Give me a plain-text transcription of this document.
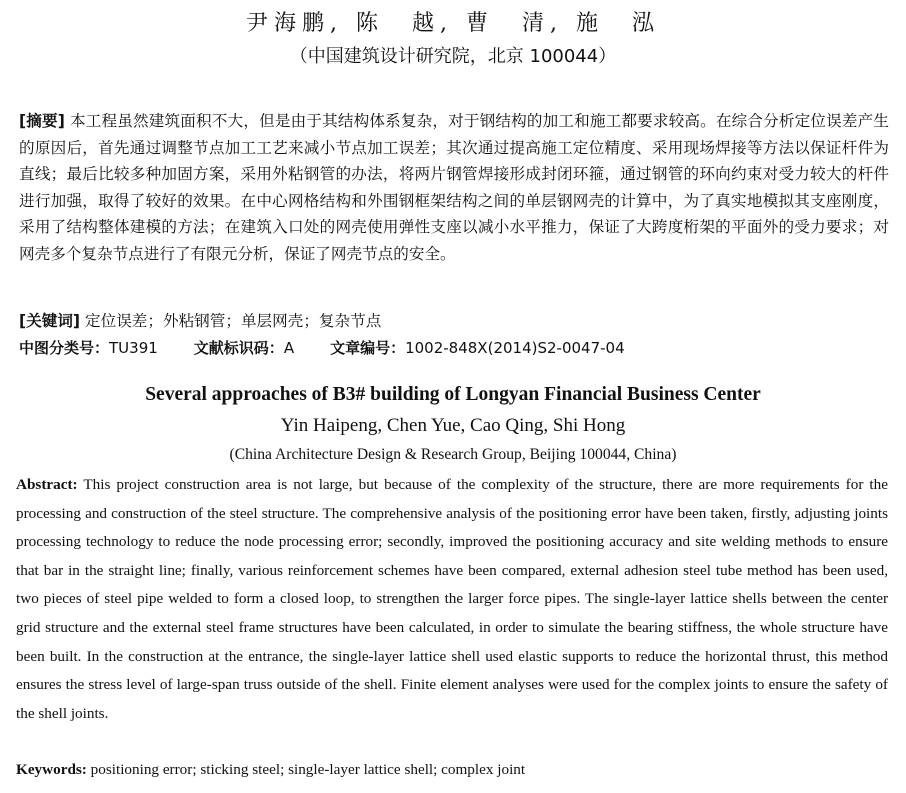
尹海鹏, 陈　越, 曹　清, 施　泓
（中国建筑设计研究院，北京 100044）
[摘要] 本工程虽然建筑面积不大，但是由于其结构体系复杂，对于钢结构的加工和施工都要求较高。在综合分析定位误差产生的原因后，首先通过调整节点加工工艺来减小节点加工误差；其次通过提高施工定位精度、采用现场焊接等方法以保证杆件为直线；最后比较多种加固方案，采用外粘钢管的办法，将两片钢管焊接形成封闭环箍，通过钢管的环向约束对受力较大的杆件进行加强，取得了较好的效果。在中心网格结构和外围钢框架结构之间的单层钢网壳的计算中，为了真实地模拟其支座刚度，采用了结构整体建模的方法；在建筑入口处的网壳使用弹性支座以减小水平推力，保证了大跨度桁架的平面外的受力要求；对网壳多个复杂节点进行了有限元分析，保证了网壳节点的安全。
[关键词] 定位误差；外粘钢管；单层网壳；复杂节点
中图分类号：TU391 文献标识码：A 文章编号：1002-848X(2014)S2-0047-04
Several approaches of B3# building of Longyan Financial Business Center
Yin Haipeng, Chen Yue, Cao Qing, Shi Hong
(China Architecture Design & Research Group, Beijing 100044, China)
Abstract: This project construction area is not large, but because of the complexity of the structure, there are more requirements for the processing and construction of the steel structure. The comprehensive analysis of the positioning error have been taken, firstly, adjusting joints processing technology to reduce the node processing error; secondly, improved the positioning accuracy and site welding methods to ensure that bar in the straight line; finally, various reinforcement schemes have been compared, external adhesion steel tube method has been used, two pieces of steel pipe welded to form a closed loop, to strengthen the larger force pipes. The single-layer lattice shells between the center grid structure and the external steel frame structures have been calculated, in order to simulate the bearing stiffness, the whole structure have been built. In the construction at the entrance, the single-layer lattice shell used elastic supports to reduce the horizontal thrust, this method ensures the stress level of large-span truss outside of the shell. Finite element analyses were used for the complex joints to ensure the safety of the shell joints.
Keywords: positioning error; sticking steel; single-layer lattice shell; complex joint
